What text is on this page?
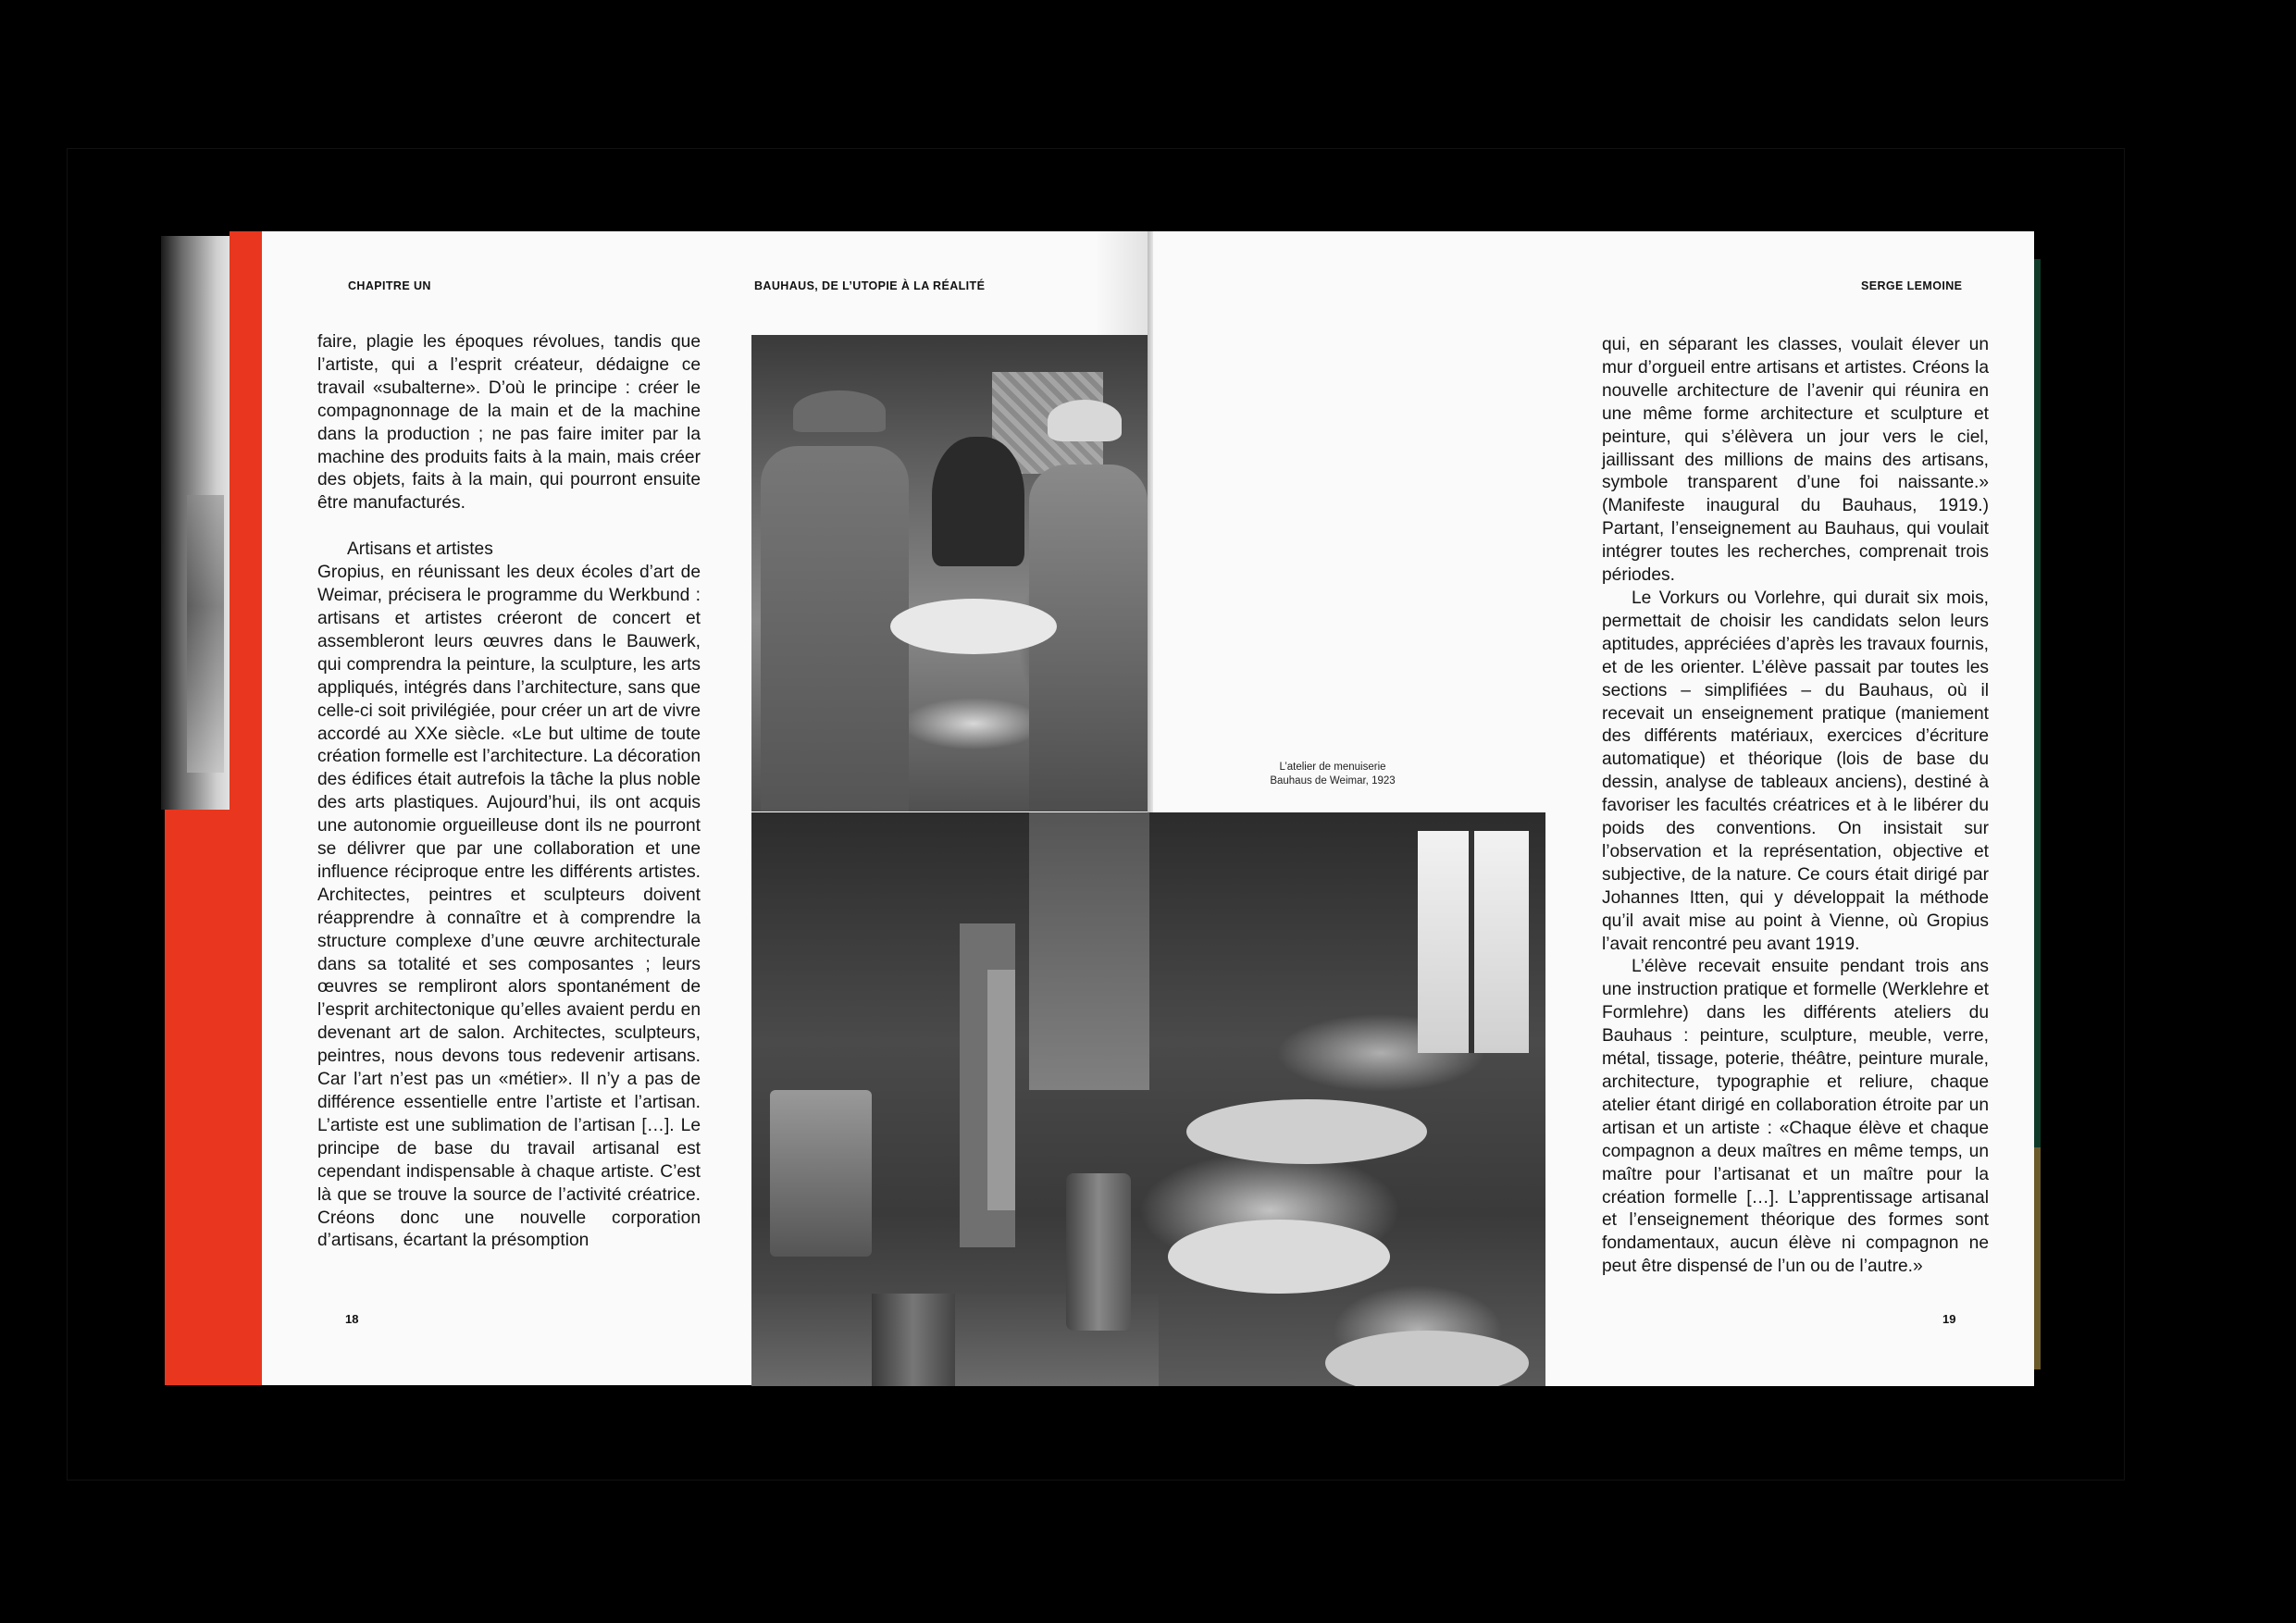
CHAPITRE UN	BAUHAUS, DE L’UTOPIE À LA RÉALITÉ	SERGE LEMOINE

faire, plagie les époques révolues, tandis que l’artiste, qui a l’esprit créateur, dédaigne ce travail «subalterne». D’où le principe : créer le compagnonnage de la main et de la machine dans la production ; ne pas faire imiter par la machine des produits faits à la main, mais créer des objets, faits à la main, qui pourront ensuite être manufacturés.

Artisans et artistes

Gropius, en réunissant les deux écoles d’art de Weimar, précisera le programme du Werkbund : artisans et artistes créeront de concert et assembleront leurs œuvres dans le Bauwerk, qui comprendra la peinture, la sculpture, les arts appliqués, intégrés dans l’architecture, sans que celle-ci soit privilégiée, pour créer un art de vivre accordé au XXe siècle. «Le but ultime de toute création formelle est l’architecture. La décoration des édifices était autrefois la tâche la plus noble des arts plastiques. Aujourd’hui, ils ont acquis une autonomie orgueilleuse dont ils ne pourront se délivrer que par une collaboration et une influence réciproque entre les différents artistes. Architectes, peintres et sculpteurs doivent réapprendre à connaître et à comprendre la structure complexe d’une œuvre architecturale dans sa totalité et ses composantes ; leurs œuvres se rempliront alors spontanément de l’esprit architectonique qu’elles avaient perdu en devenant art de salon. Architectes, sculpteurs, peintres, nous devons tous redevenir artisans. Car l’art n’est pas un «métier». Il n’y a pas de différence essentielle entre l’artiste et l’artisan. L’artiste est une sublimation de l’artisan […]. Le principe de base du travail artisanal est cependant indispensable à chaque artiste. C’est là que se trouve la source de l’activité créatrice. Créons donc une nouvelle corporation d’artisans, écartant la présomption

L’atelier de menuiserie
Bauhaus de Weimar, 1923

qui, en séparant les classes, voulait élever un mur d’orgueil entre artisans et artistes. Créons la nouvelle architecture de l’avenir qui réunira en une même forme architecture et sculpture et peinture, qui s’élèvera un jour vers le ciel, jaillissant des millions de mains des artisans, symbole transparent d’une foi naissante.» (Manifeste inaugural du Bauhaus, 1919.) Partant, l’enseignement au Bauhaus, qui voulait intégrer toutes les recherches, comprenait trois périodes.

Le Vorkurs ou Vorlehre, qui durait six mois, permettait de choisir les candidats selon leurs aptitudes, appréciées d’après les travaux fournis, et de les orienter. L’élève passait par toutes les sections – simplifiées – du Bauhaus, où il recevait un enseignement pratique (maniement des différents matériaux, exercices d’écriture automatique) et théorique (lois de base du dessin, analyse de tableaux anciens), destiné à favoriser les facultés créatrices et à le libérer du poids des conventions. On insistait sur l’observation et la représentation, objective et subjective, de la nature. Ce cours était dirigé par Johannes Itten, qui y développait la méthode qu’il avait mise au point à Vienne, où Gropius l’avait rencontré peu avant 1919.

L’élève recevait ensuite pendant trois ans une instruction pratique et formelle (Werklehre et Formlehre) dans les différents ateliers du Bauhaus : peinture, sculpture, meuble, verre, métal, tissage, poterie, théâtre, peinture murale, architecture, typographie et reliure, chaque atelier étant dirigé en collaboration étroite par un artisan et un artiste : «Chaque élève et chaque compagnon a deux maîtres en même temps, un maître pour l’artisanat et un maître pour la création formelle […]. L’apprentissage artisanal et l’enseignement théorique des formes sont fondamentaux, aucun élève ni compagnon ne peut être dispensé de l’un ou de l’autre.»

18	19
